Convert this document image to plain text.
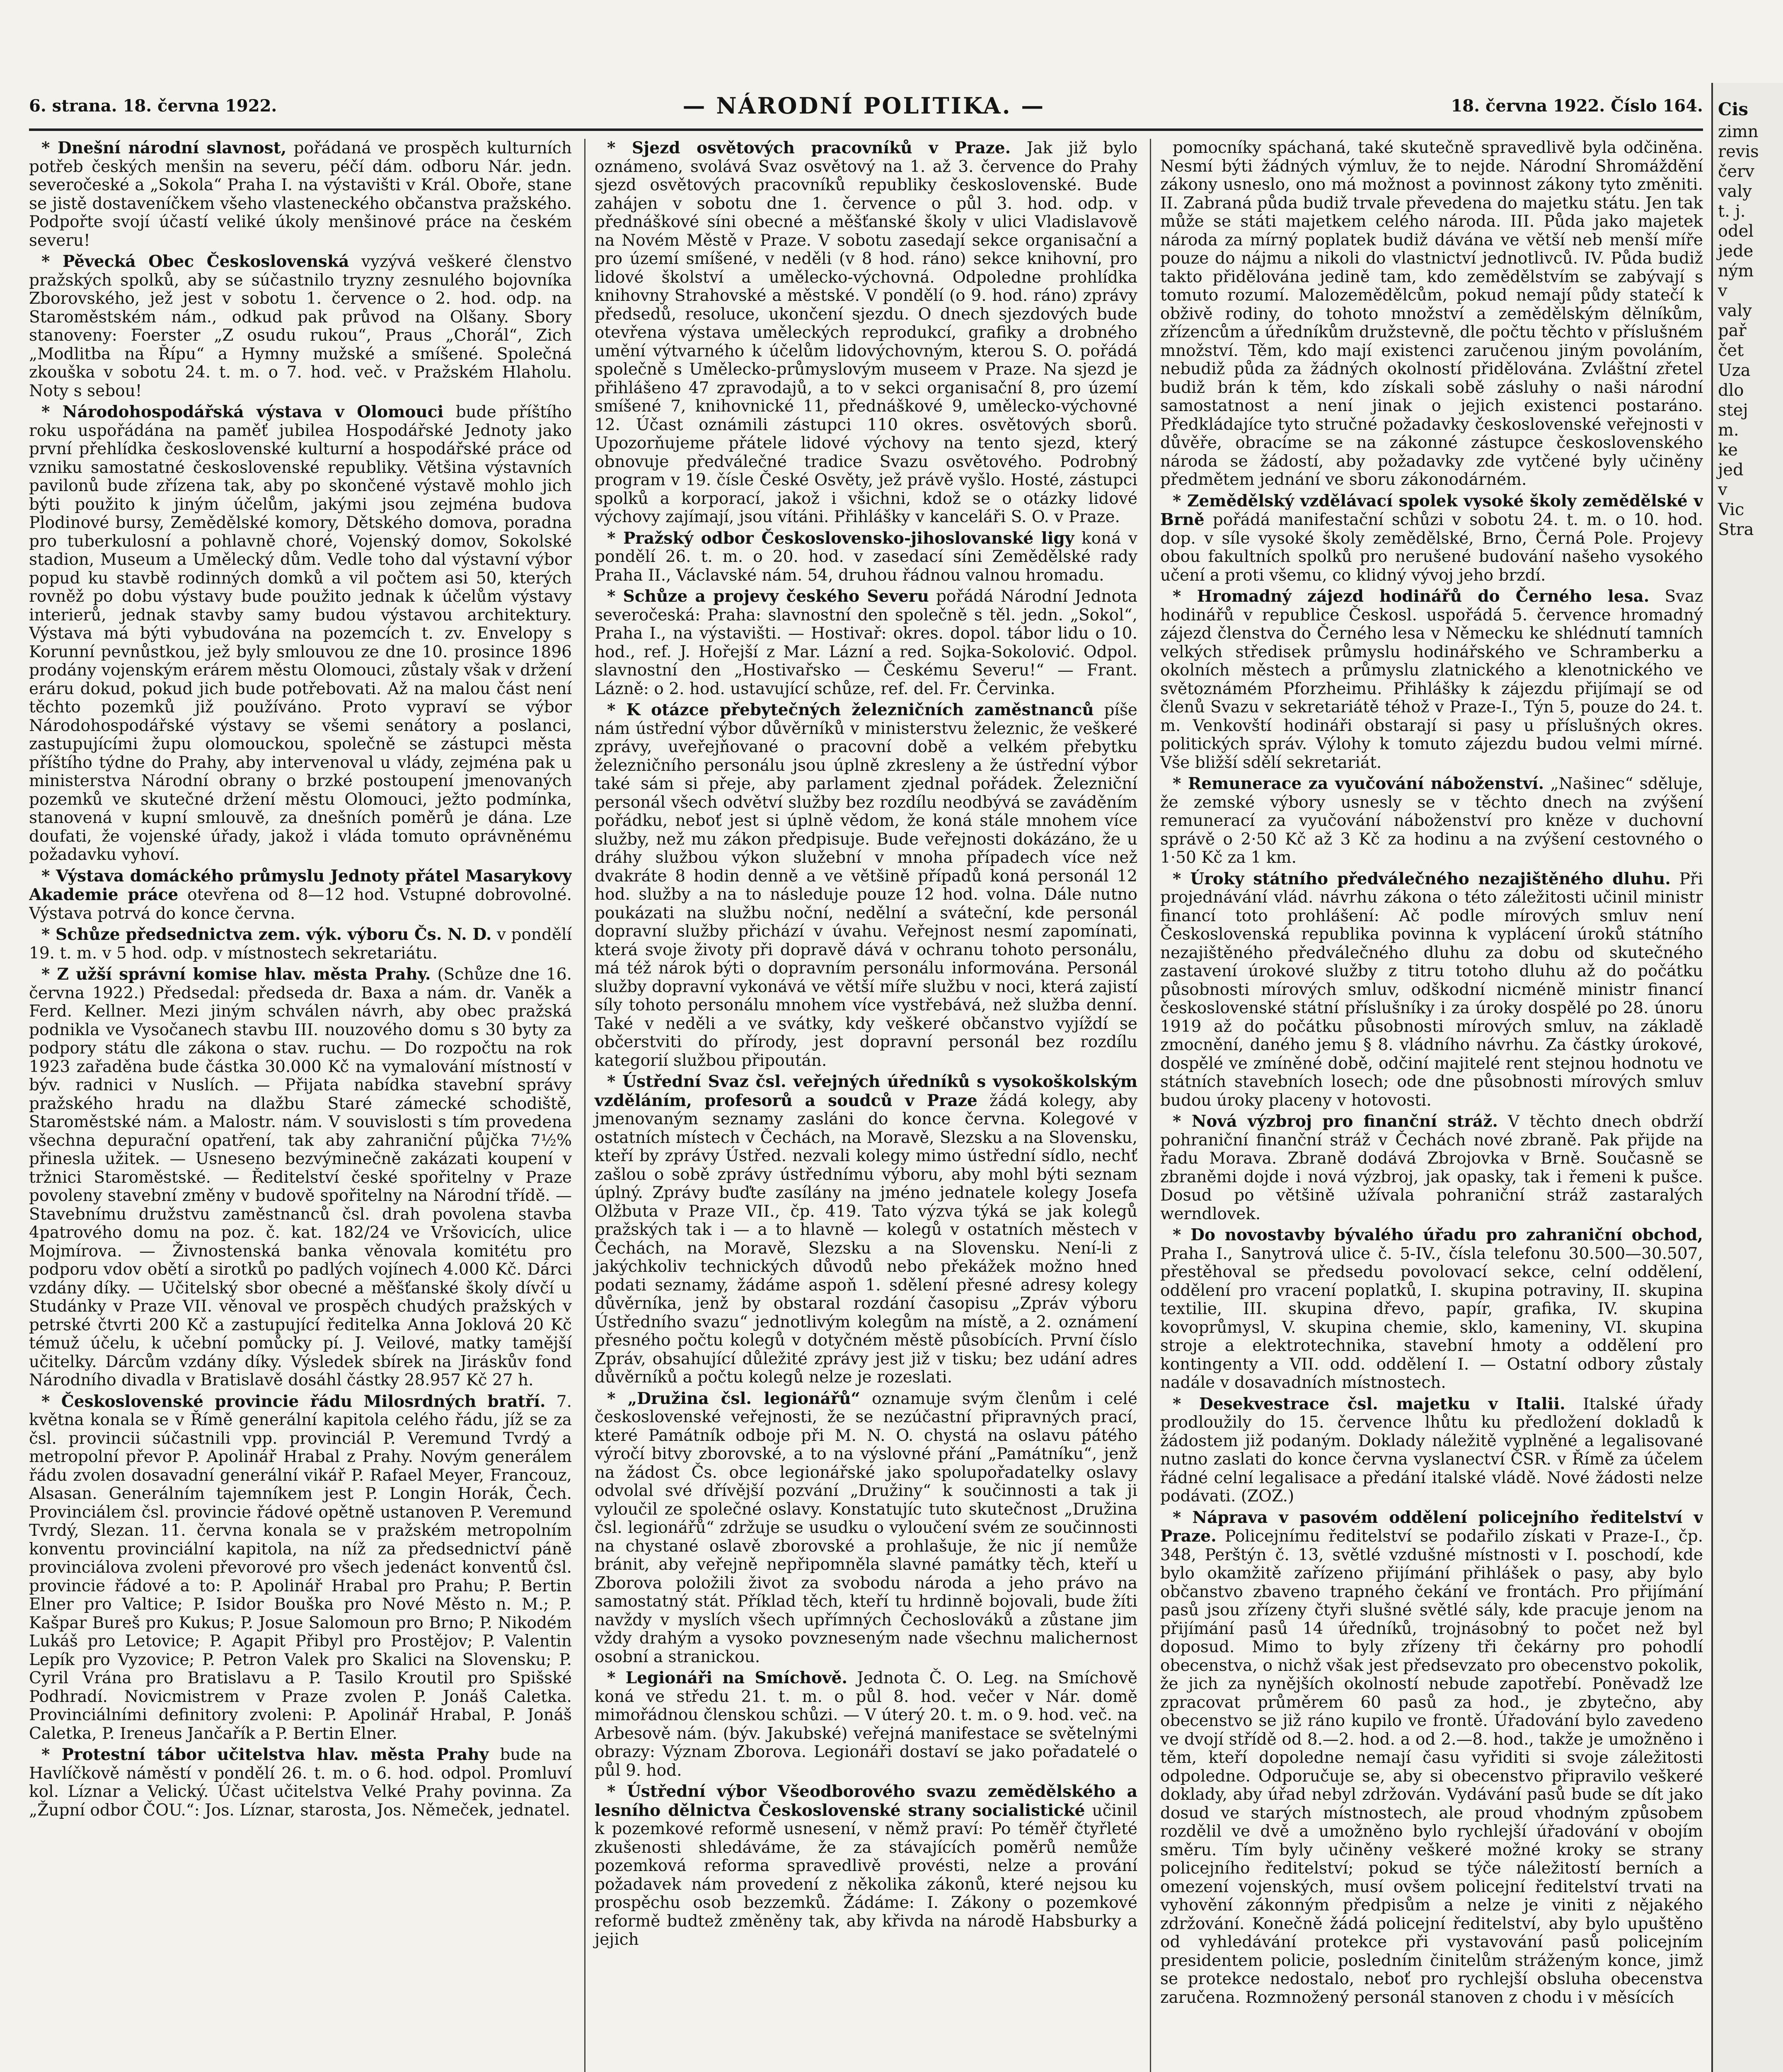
6. strana. 18. června 1922.	— NÁRODNÍ POLITIKA. —	18. června 1922. Číslo 164.

* Dnešní národní slavnost, pořádaná ve prospěch kulturních potřeb českých menšin na severu, péčí dám. odboru Nár. jedn. severočeské a „Sokola“ Praha I. na výstavišti v Král. Oboře, stane se jistě dostaveníčkem všeho vlasteneckého občanstva pražského. Podpořte svojí účastí veliké úkoly menšinové práce na českém severu!

* Pěvecká Obec Československá vyzývá veškeré členstvo pražských spolků, aby se súčastnilo tryzny zesnulého bojovníka Zborovského, jež jest v sobotu 1. července o 2. hod. odp. na Staroměstském nám., odkud pak průvod na Olšany. Sbory stanoveny: Foerster „Z osudu rukou“, Praus „Chorál“, Zich „Modlitba na Řípu“ a Hymny mužské a smíšené. Společná zkouška v sobotu 24. t. m. o 7. hod. več. v Pražském Hlaholu. Noty s sebou!

* Národohospodářská výstava v Olomouci bude příštího roku uspořádána na paměť jubilea Hospodářské Jednoty jako první přehlídka československé kulturní a hospodářské práce od vzniku samostatné československé republiky. Většina výstavních pavilonů bude zřízena tak, aby po skončené výstavě mohlo jich býti použito k jiným účelům, jakými jsou zejména budova Plodinové bursy, Zemědělské komory, Dětského domova, poradna pro tuberkulosní a pohlavně choré, Vojenský domov, Sokolské stadion, Museum a Umělecký dům. Vedle toho dal výstavní výbor popud ku stavbě rodinných domků a vil počtem asi 50, kterých rovněž po dobu výstavy bude použito jednak k účelům výstavy interierů, jednak stavby samy budou výstavou architektury. Výstava má býti vybudována na pozemcích t. zv. Envelopy s Korunní pevnůstkou, jež byly smlouvou ze dne 10. prosince 1896 prodány vojenským erárem městu Olomouci, zůstaly však v držení eráru dokud, pokud jich bude potřebovati. Až na malou část není těchto pozemků již používáno. Proto vypraví se výbor Národohospodářské výstavy se všemi senátory a poslanci, zastupujícími župu olomouckou, společně se zástupci města příštího týdne do Prahy, aby intervenoval u vlády, zejména pak u ministerstva Národní obrany o brzké postoupení jmenovaných pozemků ve skutečné držení městu Olomouci, ježto podmínka, stanovená v kupní smlouvě, za dnešních poměrů je dána. Lze doufati, že vojenské úřady, jakož i vláda tomuto oprávněnému požadavku vyhoví.

* Výstava domáckého průmyslu Jednoty přátel Masarykovy Akademie práce otevřena od 8—12 hod. Vstupné dobrovolné. Výstava potrvá do konce června.

* Schůze předsednictva zem. výk. výboru Čs. N. D. v pondělí 19. t. m. v 5 hod. odp. v místnostech sekretariátu.

* Z užší správní komise hlav. města Prahy. (Schůze dne 16. června 1922.) Předsedal: předseda dr. Baxa a nám. dr. Vaněk a Ferd. Kellner. Mezi jiným schválen návrh, aby obec pražská podnikla ve Vysočanech stavbu III. nouzového domu s 30 byty za podpory státu dle zákona o stav. ruchu. — Do rozpočtu na rok 1923 zařaděna bude částka 30.000 Kč na vymalování místností v býv. radnici v Nuslích. — Přijata nabídka stavební správy pražského hradu na dlažbu Staré zámecké schodiště, Staroměstské nám. a Malostr. nám. V souvislosti s tím provedena všechna depurační opatření, tak aby zahraniční půjčka 7½% přinesla užitek. — Usneseno bezvýminečně zakázati koupení v tržnici Staroměstské. — Ředitelství české spořitelny v Praze povoleny stavební změny v budově spořitelny na Národní třídě. — Stavebnímu družstvu zaměstnanců čsl. drah povolena stavba 4patrového domu na poz. č. kat. 182/24 ve Vršovicích, ulice Mojmírova. — Živnostenská banka věnovala komitétu pro podporu vdov obětí a sirotků po padlých vojínech 4.000 Kč. Dárci vzdány díky. — Učitelský sbor obecné a měšťanské školy dívčí u Studánky v Praze VII. věnoval ve prospěch chudých pražských v petrské čtvrti 200 Kč a zastupující ředitelka Anna Joklová 20 Kč témuž účelu, k učební pomůcky pí. J. Veilové, matky tamější učitelky. Dárcům vzdány díky. Výsledek sbírek na Jiráskův fond Národního divadla v Bratislavě dosáhl částky 28.957 Kč 27 h.

* Československé provincie řádu Milosrdných bratří. 7. května konala se v Římě generální kapitola celého řádu, jíž se za čsl. provincii súčastnili vpp. provinciál P. Veremund Tvrdý a metropolní převor P. Apolinář Hrabal z Prahy. Novým generálem řádu zvolen dosavadní generální vikář P. Rafael Meyer, Francouz, Alsasan. Generálním tajemníkem jest P. Longin Horák, Čech. Provinciálem čsl. provincie řádové opětně ustanoven P. Veremund Tvrdý, Slezan. 11. června konala se v pražském metropolním konventu provinciální kapitola, na níž za předsednictví páně provinciálova zvoleni převorové pro všech jedenáct konventů čsl. provincie řádové a to: P. Apolinář Hrabal pro Prahu; P. Bertin Elner pro Valtice; P. Isidor Bouška pro Nové Město n. M.; P. Kašpar Bureš pro Kukus; P. Josue Salomoun pro Brno; P. Nikodém Lukáš pro Letovice; P. Agapit Přibyl pro Prostějov; P. Valentin Lepík pro Vyzovice; P. Petron Valek pro Skalici na Slovensku; P. Cyril Vrána pro Bratislavu a P. Tasilo Kroutil pro Spišské Podhradí. Novicmistrem v Praze zvolen P. Jonáš Caletka. Provinciálními definitory zvoleni: P. Apolinář Hrabal, P. Jonáš Caletka, P. Ireneus Jančařík a P. Bertin Elner.

* Protestní tábor učitelstva hlav. města Prahy bude na Havlíčkově náměstí v pondělí 26. t. m. o 6. hod. odpol. Promluví kol. Líznar a Velický. Účast učitelstva Velké Prahy povinna. Za „Župní odbor ČOU.“: Jos. Líznar, starosta, Jos. Němeček, jednatel.

* Sjezd osvětových pracovníků v Praze. Jak již bylo oznámeno, svolává Svaz osvětový na 1. až 3. července do Prahy sjezd osvětových pracovníků republiky československé. Bude zahájen v sobotu dne 1. července o půl 3. hod. odp. v přednáškové síni obecné a měšťanské školy v ulici Vladislavově na Novém Městě v Praze. V sobotu zasedají sekce organisační a pro území smíšené, v neděli (v 8 hod. ráno) sekce knihovní, pro lidové školství a umělecko-výchovná. Odpoledne prohlídka knihovny Strahovské a městské. V pondělí (o 9. hod. ráno) zprávy předsedů, resoluce, ukončení sjezdu. O dnech sjezdových bude otevřena výstava uměleckých reprodukcí, grafiky a drobného umění výtvarného k účelům lidovýchovným, kterou S. O. pořádá společně s Umělecko-průmyslovým museem v Praze. Na sjezd je přihlášeno 47 zpravodajů, a to v sekci organisační 8, pro území smíšené 7, knihovnické 11, přednáškové 9, umělecko-výchovné 12. Účast oznámili zástupci 110 okres. osvětových sborů. Upozorňujeme přátele lidové výchovy na tento sjezd, který obnovuje předválečné tradice Svazu osvětového. Podrobný program v 19. čísle České Osvěty, jež právě vyšlo. Hosté, zástupci spolků a korporací, jakož i všichni, kdož se o otázky lidové výchovy zajímají, jsou vítáni. Přihlášky v kanceláři S. O. v Praze.

* Pražský odbor Československo-jihoslovanské ligy koná v pondělí 26. t. m. o 20. hod. v zasedací síni Zemědělské rady Praha II., Václavské nám. 54, druhou řádnou valnou hromadu.

* Schůze a projevy českého Severu pořádá Národní Jednota severočeská: Praha: slavnostní den společně s těl. jedn. „Sokol“, Praha I., na výstavišti. — Hostivař: okres. dopol. tábor lidu o 10. hod., ref. J. Hořejší z Mar. Lázní a red. Sojka-Sokolović. Odpol. slavnostní den „Hostivařsko — Českému Severu!“ — Frant. Lázně: o 2. hod. ustavující schůze, ref. del. Fr. Červinka.

* K otázce přebytečných železničních zaměstnanců píše nám ústřední výbor důvěrníků v ministerstvu železnic, že veškeré zprávy, uveřejňované o pracovní době a velkém přebytku železničního personálu jsou úplně zkresleny a že ústřední výbor také sám si přeje, aby parlament zjednal pořádek. Železniční personál všech odvětví služby bez rozdílu neodbývá se zaváděním pořádku, neboť jest si úplně vědom, že koná stále mnohem více služby, než mu zákon předpisuje. Bude veřejnosti dokázáno, že u dráhy službou výkon služební v mnoha případech více než dvakráte 8 hodin denně a ve většině případů koná personál 12 hod. služby a na to následuje pouze 12 hod. volna. Dále nutno poukázati na službu noční, nedělní a sváteční, kde personál dopravní služby přichází v úvahu. Veřejnost nesmí zapomínati, která svoje životy při dopravě dává v ochranu tohoto personálu, má též nárok býti o dopravním personálu informována. Personál služby dopravní vykonává ve větší míře službu v noci, která zajistí síly tohoto personálu mnohem více vystřebává, než služba denní. Také v neděli a ve svátky, kdy veškeré občanstvo vyjíždí se občerstviti do přírody, jest dopravní personál bez rozdílu kategorií službou připoután.

* Ústřední Svaz čsl. veřejných úředníků s vysokoškolským vzděláním, profesorů a soudců v Praze žádá kolegy, aby jmenovaným seznamy zasláni do konce června. Kolegové v ostatních místech v Čechách, na Moravě, Slezsku a na Slovensku, kteří by zprávy Ústřed. nezvali kolegy mimo ústřední sídlo, nechť zašlou o sobě zprávy ústřednímu výboru, aby mohl býti seznam úplný. Zprávy buďte zasílány na jméno jednatele kolegy Josefa Olžbuta v Praze VII., čp. 419. Tato výzva týká se jak kolegů pražských tak i — a to hlavně — kolegů v ostatních městech v Čechách, na Moravě, Slezsku a na Slovensku. Není-li z jakýchkoliv technických důvodů nebo překážek možno hned podati seznamy, žádáme aspoň 1. sdělení přesné adresy kolegy důvěrníka, jenž by obstaral rozdání časopisu „Zpráv výboru Ústředního svazu“ jednotlivým kolegům na místě, a 2. oznámení přesného počtu kolegů v dotyčném městě působících. První číslo Zpráv, obsahující důležité zprávy jest již v tisku; bez udání adres důvěrníků a počtu kolegů nelze je rozeslati.

* „Družina čsl. legionářů“ oznamuje svým členům i celé československé veřejnosti, že se nezúčastní připravných prací, které Památník odboje při M. N. O. chystá na oslavu pátého výročí bitvy zborovské, a to na výslovné přání „Památníku“, jenž na žádost Čs. obce legionářské jako spolupořadatelky oslavy odvolal své dřívější pozvání „Družiny“ k součinnosti a tak ji vyloučil ze společné oslavy. Konstatujíc tuto skutečnost „Družina čsl. legionářů“ zdržuje se usudku o vyloučení svém ze součinnosti na chystané oslavě zborovské a prohlašuje, že nic jí nemůže bránit, aby veřejně nepřipomněla slavné památky těch, kteří u Zborova položili život za svobodu národa a jeho právo na samostatný stát. Příklad těch, kteří tu hrdinně bojovali, bude žíti navždy v myslích všech upřímných Čechoslováků a zůstane jim vždy drahým a vysoko povzneseným nade všechnu malichernost osobní a stranickou.

* Legionáři na Smíchově. Jednota Č. O. Leg. na Smíchově koná ve středu 21. t. m. o půl 8. hod. večer v Nár. domě mimořádnou členskou schůzi. — V úterý 20. t. m. o 9. hod. več. na Arbesově nám. (býv. Jakubské) veřejná manifestace se světelnými obrazy: Význam Zborova. Legionáři dostaví se jako pořadatelé o půl 9. hod.

* Ústřední výbor Všeodborového svazu zemědělského a lesního dělnictva Československé strany socialistické učinil k pozemkové reformě usnesení, v němž praví: Po téměř čtyřleté zkušenosti shledáváme, že za stávajících poměrů nemůže pozemková reforma spravedlivě provésti, nelze a prování požadavek nám provedení z několika zákonů, které nejsou ku prospěchu osob bezzemků. Žádáme: I. Zákony o pozemkové reformě budtež změněny tak, aby křivda na národě Habsburky a jejich

pomocníky spáchaná, také skutečně spravedlivě byla odčiněna. Nesmí býti žádných výmluv, že to nejde. Národní Shromáždění zákony usneslo, ono má možnost a povinnost zákony tyto změniti. II. Zabraná půda budiž trvale převedena do majetku státu. Jen tak může se státi majetkem celého národa. III. Půda jako majetek národa za mírný poplatek budiž dávána ve větší neb menší míře pouze do nájmu a nikoli do vlastnictví jednotlivců. IV. Půda budiž takto přidělována jedině tam, kdo zemědělstvím se zabývají s tomuto rozumí. Malozemědělcům, pokud nemají půdy statečí k obživě rodiny, do tohoto množství a zemědělským dělníkům, zřízencům a úředníkům družstevně, dle počtu těchto v příslušném množství. Těm, kdo mají existenci zaručenou jiným povoláním, nebudiž půda za žádných okolností přidělována. Zvláštní zřetel budiž brán k těm, kdo získali sobě zásluhy o naši národní samostatnost a není jinak o jejich existenci postaráno. Předkládajíce tyto stručné požadavky československé veřejnosti v důvěře, obracíme se na zákonné zástupce československého národa se žádostí, aby požadavky zde vytčené byly učiněny předmětem jednání ve sboru zákonodárném.

* Zemědělský vzdělávací spolek vysoké školy zemědělské v Brně pořádá manifestační schůzi v sobotu 24. t. m. o 10. hod. dop. v síle vysoké školy zemědělské, Brno, Černá Pole. Projevy obou fakultních spolků pro nerušené budování našeho vysokého učení a proti všemu, co klidný vývoj jeho brzdí.

* Hromadný zájezd hodinářů do Černého lesa. Svaz hodinářů v republice Českosl. uspořádá 5. července hromadný zájezd členstva do Černého lesa v Německu ke shlédnutí tamních velkých středisek průmyslu hodinářského ve Schramberku a okolních městech a průmyslu zlatnického a klenotnického ve světoznámém Pforzheimu. Přihlášky k zájezdu přijímají se od členů Svazu v sekretariátě téhož v Praze-I., Týn 5, pouze do 24. t. m. Venkovští hodináři obstarají si pasy u příslušných okres. politických správ. Výlohy k tomuto zájezdu budou velmi mírné. Vše bližší sdělí sekretariát.

* Remunerace za vyučování náboženství. „Našinec“ sděluje, že zemské výbory usnesly se v těchto dnech na zvýšení remunerací za vyučování náboženství pro kněze v duchovní správě o 2·50 Kč až 3 Kč za hodinu a na zvýšení cestovného o 1·50 Kč za 1 km.

* Úroky státního předválečného nezajištěného dluhu. Při projednávání vlád. návrhu zákona o této záležitosti učinil ministr financí toto prohlášení: Ač podle mírových smluv není Československá republika povinna k vyplácení úroků státního nezajištěného předválečného dluhu za dobu od skutečného zastavení úrokové služby z titru totoho dluhu až do počátku působnosti mírových smluv, odškodní nicméně ministr financí československé státní příslušníky i za úroky dospělé po 28. únoru 1919 až do počátku působnosti mírových smluv, na základě zmocnění, daného jemu § 8. vládního návrhu. Za částky úrokové, dospělé ve zmíněné době, odčiní majitelé rent stejnou hodnotu ve státních stavebních losech; ode dne působnosti mírových smluv budou úroky placeny v hotovosti.

* Nová výzbroj pro finanční stráž. V těchto dnech obdrží pohraniční finanční stráž v Čechách nové zbraně. Pak přijde na řadu Morava. Zbraně dodává Zbrojovka v Brně. Současně se zbraněmi dojde i nová výzbroj, jak opasky, tak i řemeni k pušce. Dosud po většině užívala pohraniční stráž zastaralých werndlovek.

* Do novostavby bývalého úřadu pro zahraniční obchod, Praha I., Sanytrová ulice č. 5-IV., čísla telefonu 30.500—30.507, přestěhoval se předsedu povolovací sekce, celní oddělení, oddělení pro vracení poplatků, I. skupina potraviny, II. skupina textilie, III. skupina dřevo, papír, grafika, IV. skupina kovoprůmysl, V. skupina chemie, sklo, kameniny, VI. skupina stroje a elektrotechnika, stavební hmoty a oddělení pro kontingenty a VII. odd. oddělení I. — Ostatní odbory zůstaly nadále v dosavadních místnostech.

* Desekvestrace čsl. majetku v Italii. Italské úřady prodloužily do 15. července lhůtu ku předložení dokladů k žádostem již podaným. Doklady náležitě vyplněné a legalisované nutno zaslati do konce června vyslanectví ČSR. v Římě za účelem řádné celní legalisace a předání italské vládě. Nové žádosti nelze podávati. (ZOZ.)

* Náprava v pasovém oddělení policejního ředitelství v Praze. Policejnímu ředitelství se podařilo získati v Praze-I., čp. 348, Perštýn č. 13, světlé vzdušné místnosti v I. poschodí, kde bylo okamžitě zařízeno přijímání přihlášek o pasy, aby bylo občanstvo zbaveno trapného čekání ve frontách. Pro přijímání pasů jsou zřízeny čtyři slušné světlé sály, kde pracuje jenom na přijímání pasů 14 úředníků, trojnásobný to počet než byl doposud. Mimo to byly zřízeny tři čekárny pro pohodlí obecenstva, o nichž však jest předsevzato pro obecenstvo pokolik, že jich za nynějších okolností nebude zapotřebí. Poněvadž lze zpracovat průměrem 60 pasů za hod., je zbytečno, aby obecenstvo se již ráno kupilo ve frontě. Úřadování bylo zavedeno ve dvojí střídě od 8.—2. hod. a od 2.—8. hod., takže je umožněno i těm, kteří dopoledne nemají času vyřiditi si svoje záležitosti odpoledne. Odporučuje se, aby si obecenstvo připravilo veškeré doklady, aby úřad nebyl zdržován. Vydávání pasů bude se dít jako dosud ve starých místnostech, ale proud vhodným způsobem rozdělil ve dvě a umožněno bylo rychlejší úřadování v obojím směru. Tím byly učiněny veškeré možné kroky se strany policejního ředitelství; pokud se týče náležitostí berních a omezení vojenských, musí ovšem policejní ředitelství trvati na vyhovění zákonným předpisům a nelze je viniti z nějakého zdržování. Konečně žádá policejní ředitelství, aby bylo upuštěno od vyhledávání protekce při vystavování pasů policejním presidentem policie, posledním činitelům stráženým konce, jimž se protekce nedostalo, neboť pro rychlejší obsluha obecenstva zaručena. Rozmnožený personál stanoven z chodu i v měsících

Cis
zimn
revis
červ
valy
t. j.
odel
jede
ným
v
valy
pař
čet
Uza
dlo
stej
m.
ke
jed
v
Vic
Stra
